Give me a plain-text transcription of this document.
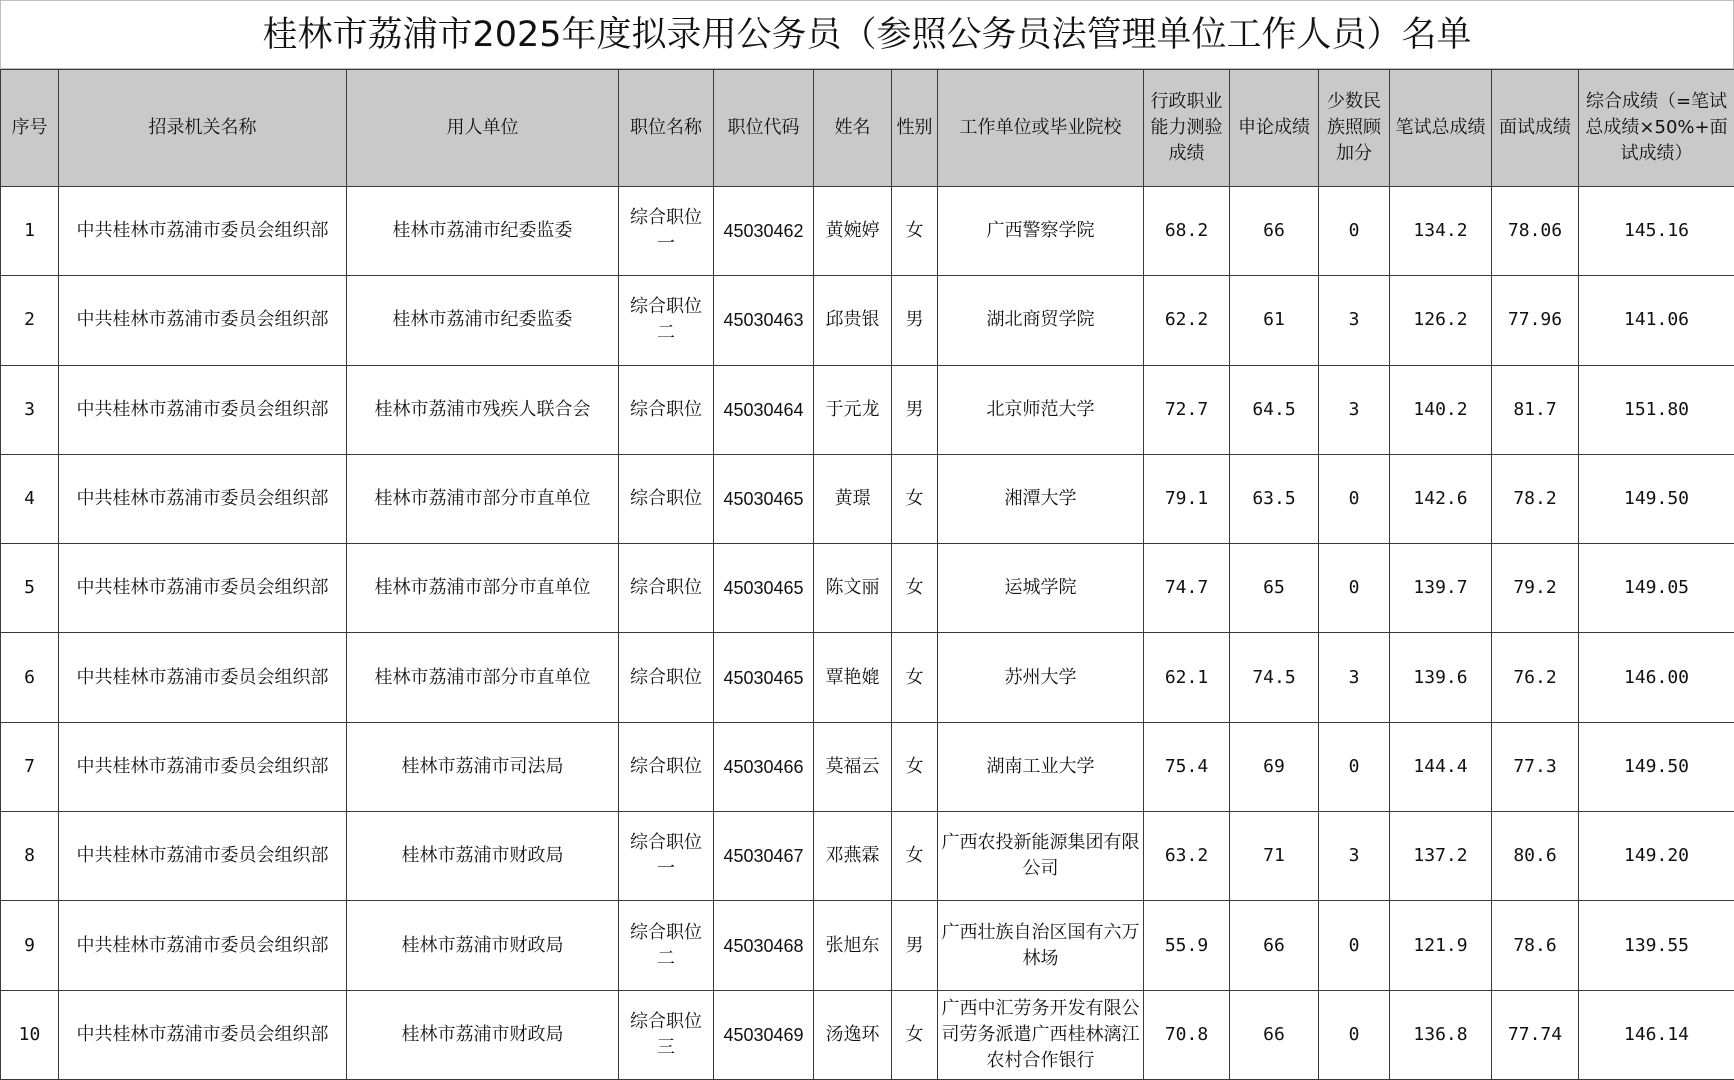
桂林市荔浦市2025年度拟录用公务员（参照公务员法管理单位工作人员）名单
序号	招录机关名称	用人单位	职位名称	职位代码	姓名	性别	工作单位或毕业院校	行政职业能力测验成绩	申论成绩	少数民族照顾加分	笔试总成绩	面试成绩	综合成绩（=笔试总成绩×50%+面试成绩）
1	中共桂林市荔浦市委员会组织部	桂林市荔浦市纪委监委	综合职位一	45030462	黄婉婷	女	广西警察学院	68.2	66	0	134.2	78.06	145.16
2	中共桂林市荔浦市委员会组织部	桂林市荔浦市纪委监委	综合职位二	45030463	邱贵银	男	湖北商贸学院	62.2	61	3	126.2	77.96	141.06
3	中共桂林市荔浦市委员会组织部	桂林市荔浦市残疾人联合会	综合职位	45030464	于元龙	男	北京师范大学	72.7	64.5	3	140.2	81.7	151.80
4	中共桂林市荔浦市委员会组织部	桂林市荔浦市部分市直单位	综合职位	45030465	黄璟	女	湘潭大学	79.1	63.5	0	142.6	78.2	149.50
5	中共桂林市荔浦市委员会组织部	桂林市荔浦市部分市直单位	综合职位	45030465	陈文丽	女	运城学院	74.7	65	0	139.7	79.2	149.05
6	中共桂林市荔浦市委员会组织部	桂林市荔浦市部分市直单位	综合职位	45030465	覃艳媲	女	苏州大学	62.1	74.5	3	139.6	76.2	146.00
7	中共桂林市荔浦市委员会组织部	桂林市荔浦市司法局	综合职位	45030466	莫福云	女	湖南工业大学	75.4	69	0	144.4	77.3	149.50
8	中共桂林市荔浦市委员会组织部	桂林市荔浦市财政局	综合职位一	45030467	邓燕霖	女	广西农投新能源集团有限公司	63.2	71	3	137.2	80.6	149.20
9	中共桂林市荔浦市委员会组织部	桂林市荔浦市财政局	综合职位二	45030468	张旭东	男	广西壮族自治区国有六万林场	55.9	66	0	121.9	78.6	139.55
10	中共桂林市荔浦市委员会组织部	桂林市荔浦市财政局	综合职位三	45030469	汤逸环	女	广西中汇劳务开发有限公司劳务派遣广西桂林漓江农村合作银行	70.8	66	0	136.8	77.74	146.14
